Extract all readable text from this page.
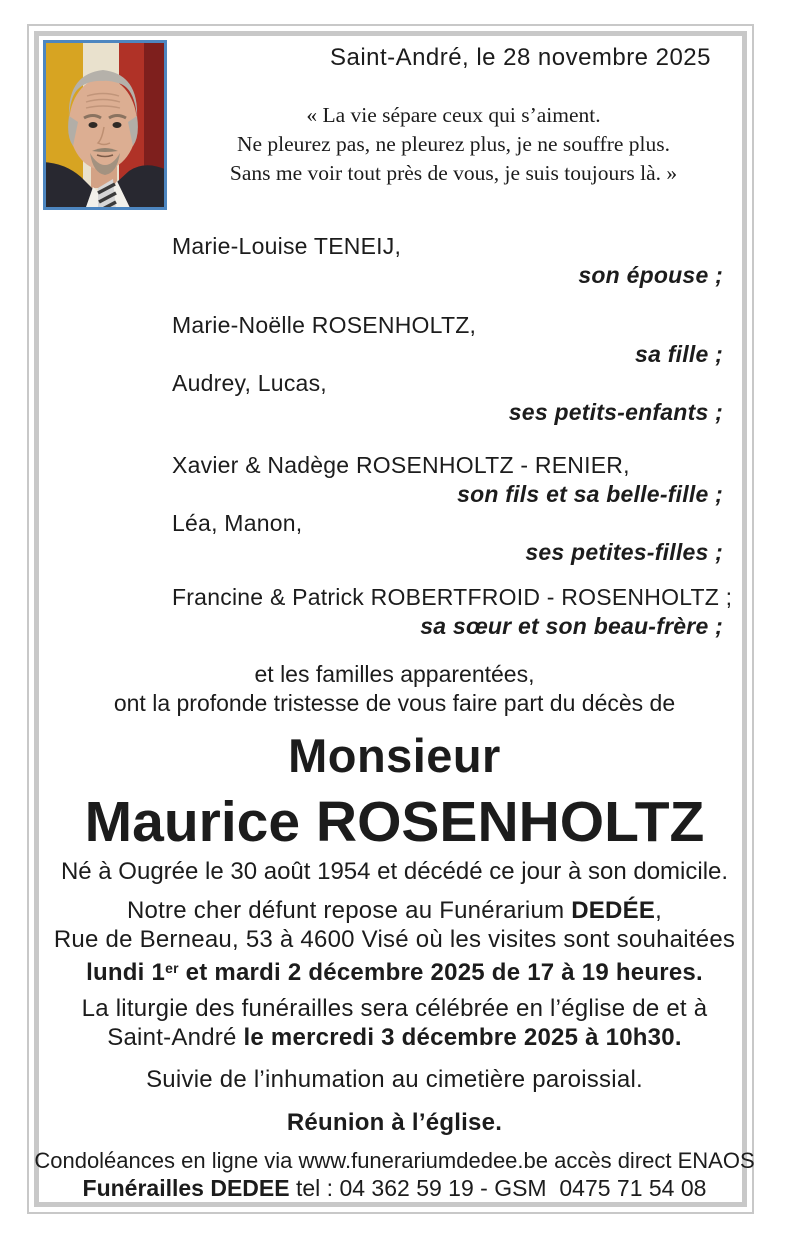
Saint-André, le 28 novembre 2025
« La vie sépare ceux qui s’aiment.
Ne pleurez pas, ne pleurez plus, je ne souffre plus.
Sans me voir tout près de vous, je suis toujours là. »
Marie-Louise TENEIJ,
son épouse ;
Marie-Noëlle ROSENHOLTZ,
sa fille ;
Audrey, Lucas,
ses petits-enfants ;
Xavier & Nadège ROSENHOLTZ - RENIER,
son fils et sa belle-fille ;
Léa, Manon,
ses petites-filles ;
Francine & Patrick ROBERTFROID - ROSENHOLTZ ;
sa sœur et son beau-frère ;
et les familles apparentées,
ont la profonde tristesse de vous faire part du décès de
Monsieur
Maurice ROSENHOLTZ
Né à Ougrée le 30 août 1954 et décédé ce jour à son domicile.
Notre cher défunt repose au Funérarium DEDÉE,
Rue de Berneau, 53 à 4600 Visé où les visites sont souhaitées
lundi 1er et mardi 2 décembre 2025 de 17 à 19 heures.
La liturgie des funérailles sera célébrée en l’église de et à
Saint-André le mercredi 3 décembre 2025 à 10h30.
Suivie de l’inhumation au cimetière paroissial.
Réunion à l’église.
Condoléances en ligne via www.funerariumdedee.be accès direct ENAOS
Funérailles DEDEE tel : 04 362 59 19 - GSM  0475 71 54 08
